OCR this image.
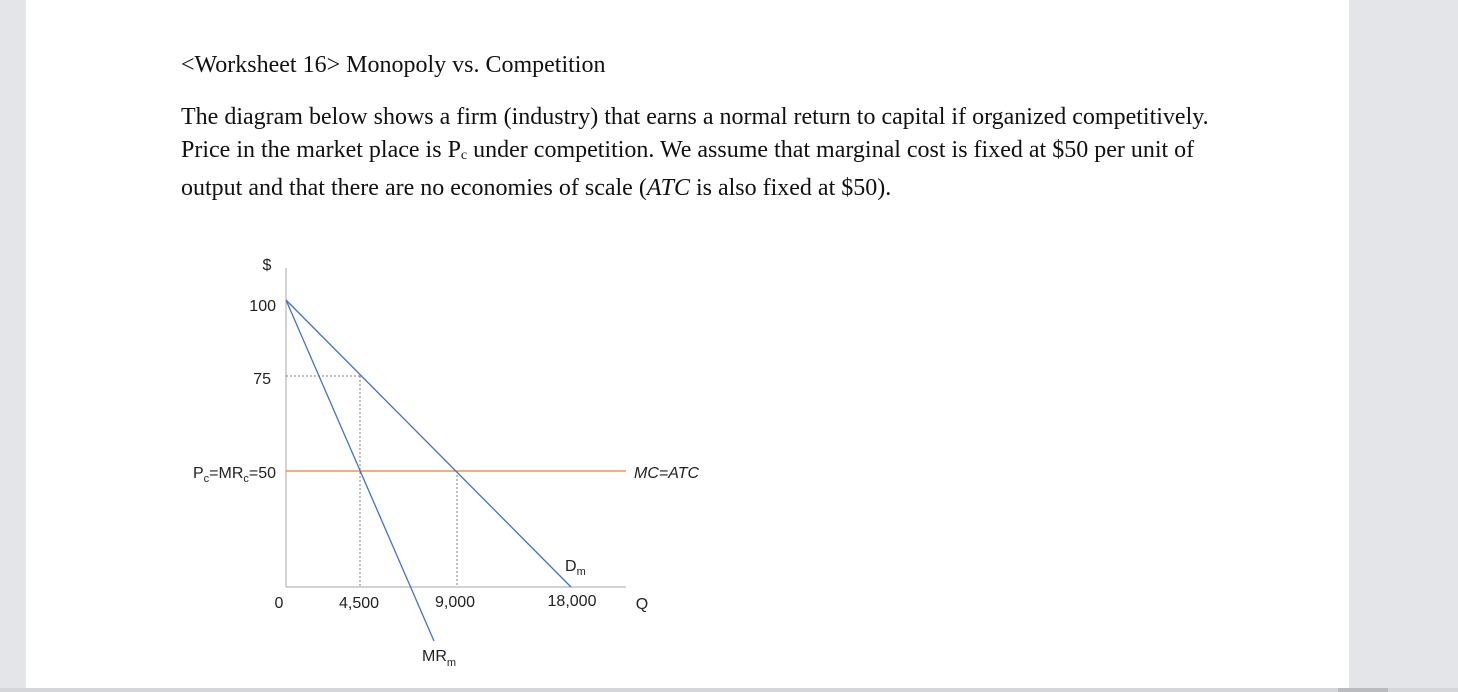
<Worksheet 16> Monopoly vs. Competition
The diagram below shows a firm (industry) that earns a normal return to capital if organized competitively. Price in the market place is Pc under competition. We assume that marginal cost is fixed at $50 per unit of output and that there are no economies of scale (ATC is also fixed at $50).
$
100
75
$P_c=MR_c=50$
0	4,500	9,000	18,000 Q
MC=ATC
$D_m$
$MR_m$
